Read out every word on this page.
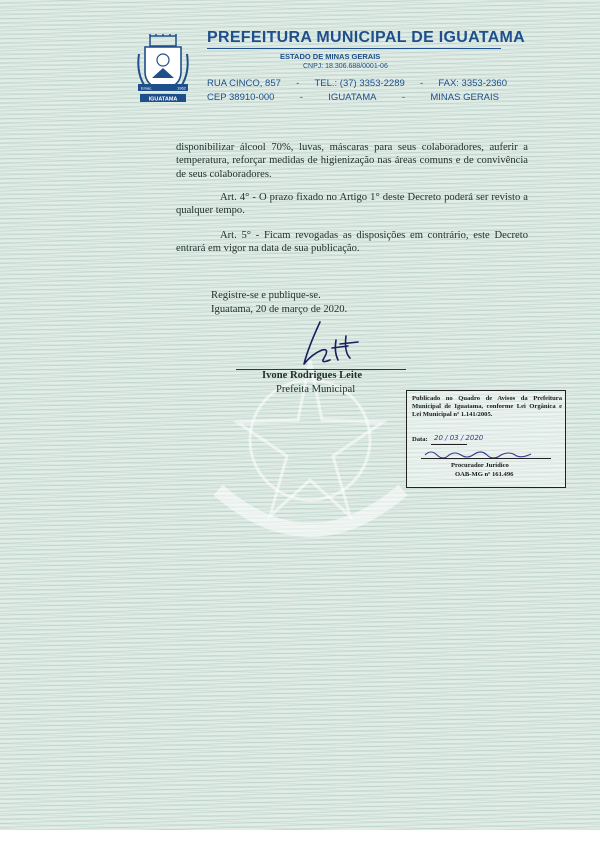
Emac.	1962
IGUATAMA
PREFEITURA MUNICIPAL DE IGUATAMA
ESTADO DE MINAS GERAIS
CNPJ: 18.306.688/0001-06
RUA CINCO, 857 - TEL.: (37) 3353-2289 - FAX: 3353-2360
CEP 38910-000	-	IGUATAMA	-	MINAS GERAIS
disponibilizar álcool 70%, luvas, máscaras para seus colaboradores, auferir a temperatura, reforçar medidas de higienização nas áreas comuns e de convivência de seus colaboradores.
Art. 4° - O prazo fixado no Artigo 1° deste Decreto poderá ser revisto a qualquer tempo.
Art. 5° - Ficam revogadas as disposições em contrário, este Decreto entrará em vigor na data de sua publicação.
Registre-se e publique-se.
Iguatama, 20 de março de 2020.
Ivone Rodrigues Leite
Prefeita Municipal
Publicado no Quadro de Avisos da Prefeitura Municipal de Iguatama, conforme Lei Orgânica e Lei Municipal nº 1.141/2005.
Data: 20 / 03 / 2020
Procurador Jurídico
OAB-MG nº 161.496
